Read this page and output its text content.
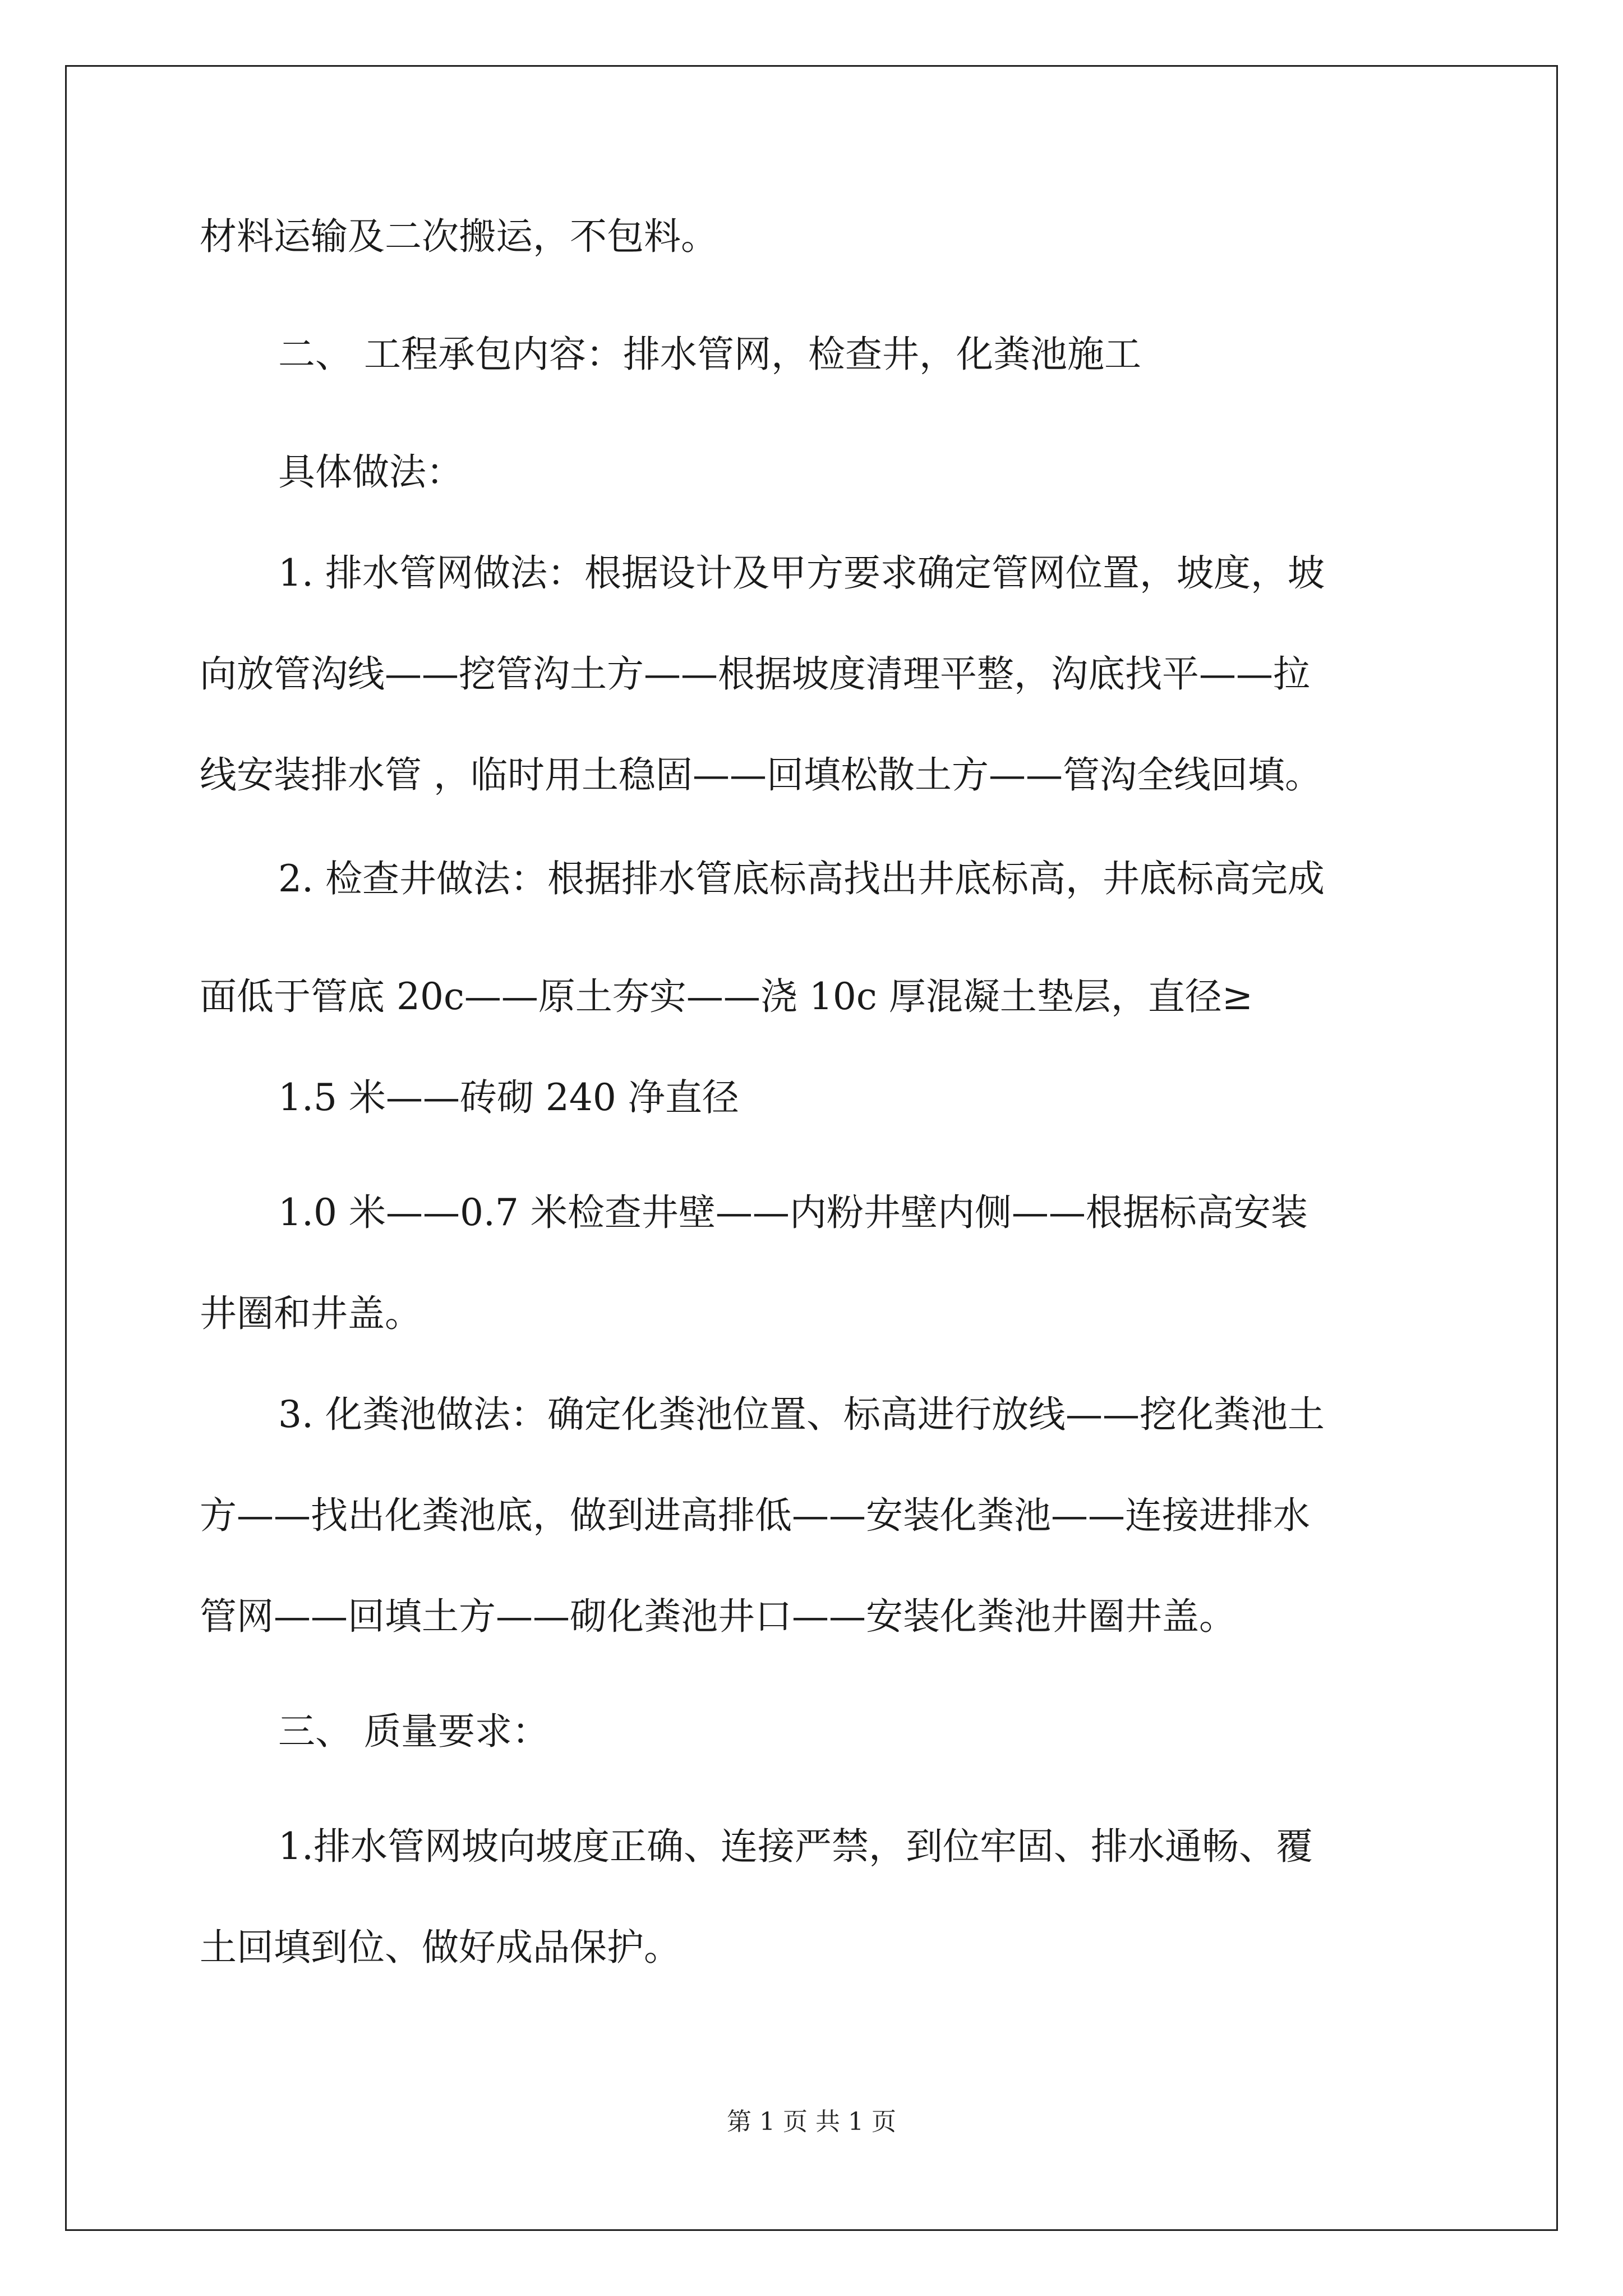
材料运输及二次搬运，不包料。
二、 工程承包内容：排水管网，检查井，化粪池施工
具体做法：
1. 排水管网做法：根据设计及甲方要求确定管网位置，坡度，坡
向放管沟线——挖管沟土方——根据坡度清理平整，沟底找平——拉
线安装排水管 ，临时用土稳固——回填松散土方——管沟全线回填。
2. 检查井做法：根据排水管底标高找出井底标高，井底标高完成
面低于管底 20c——原土夯实——浇 10c 厚混凝土垫层，直径≥
1.5 米——砖砌 240 净直径
1.0 米——0.7 米检查井壁——内粉井壁内侧——根据标高安装
井圈和井盖。
3. 化粪池做法：确定化粪池位置、标高进行放线——挖化粪池土
方——找出化粪池底，做到进高排低——安装化粪池——连接进排水
管网——回填土方——砌化粪池井口——安装化粪池井圈井盖。
三、 质量要求：
1.排水管网坡向坡度正确、连接严禁，到位牢固、排水通畅、覆
土回填到位、做好成品保护。
第 1 页 共 1 页
